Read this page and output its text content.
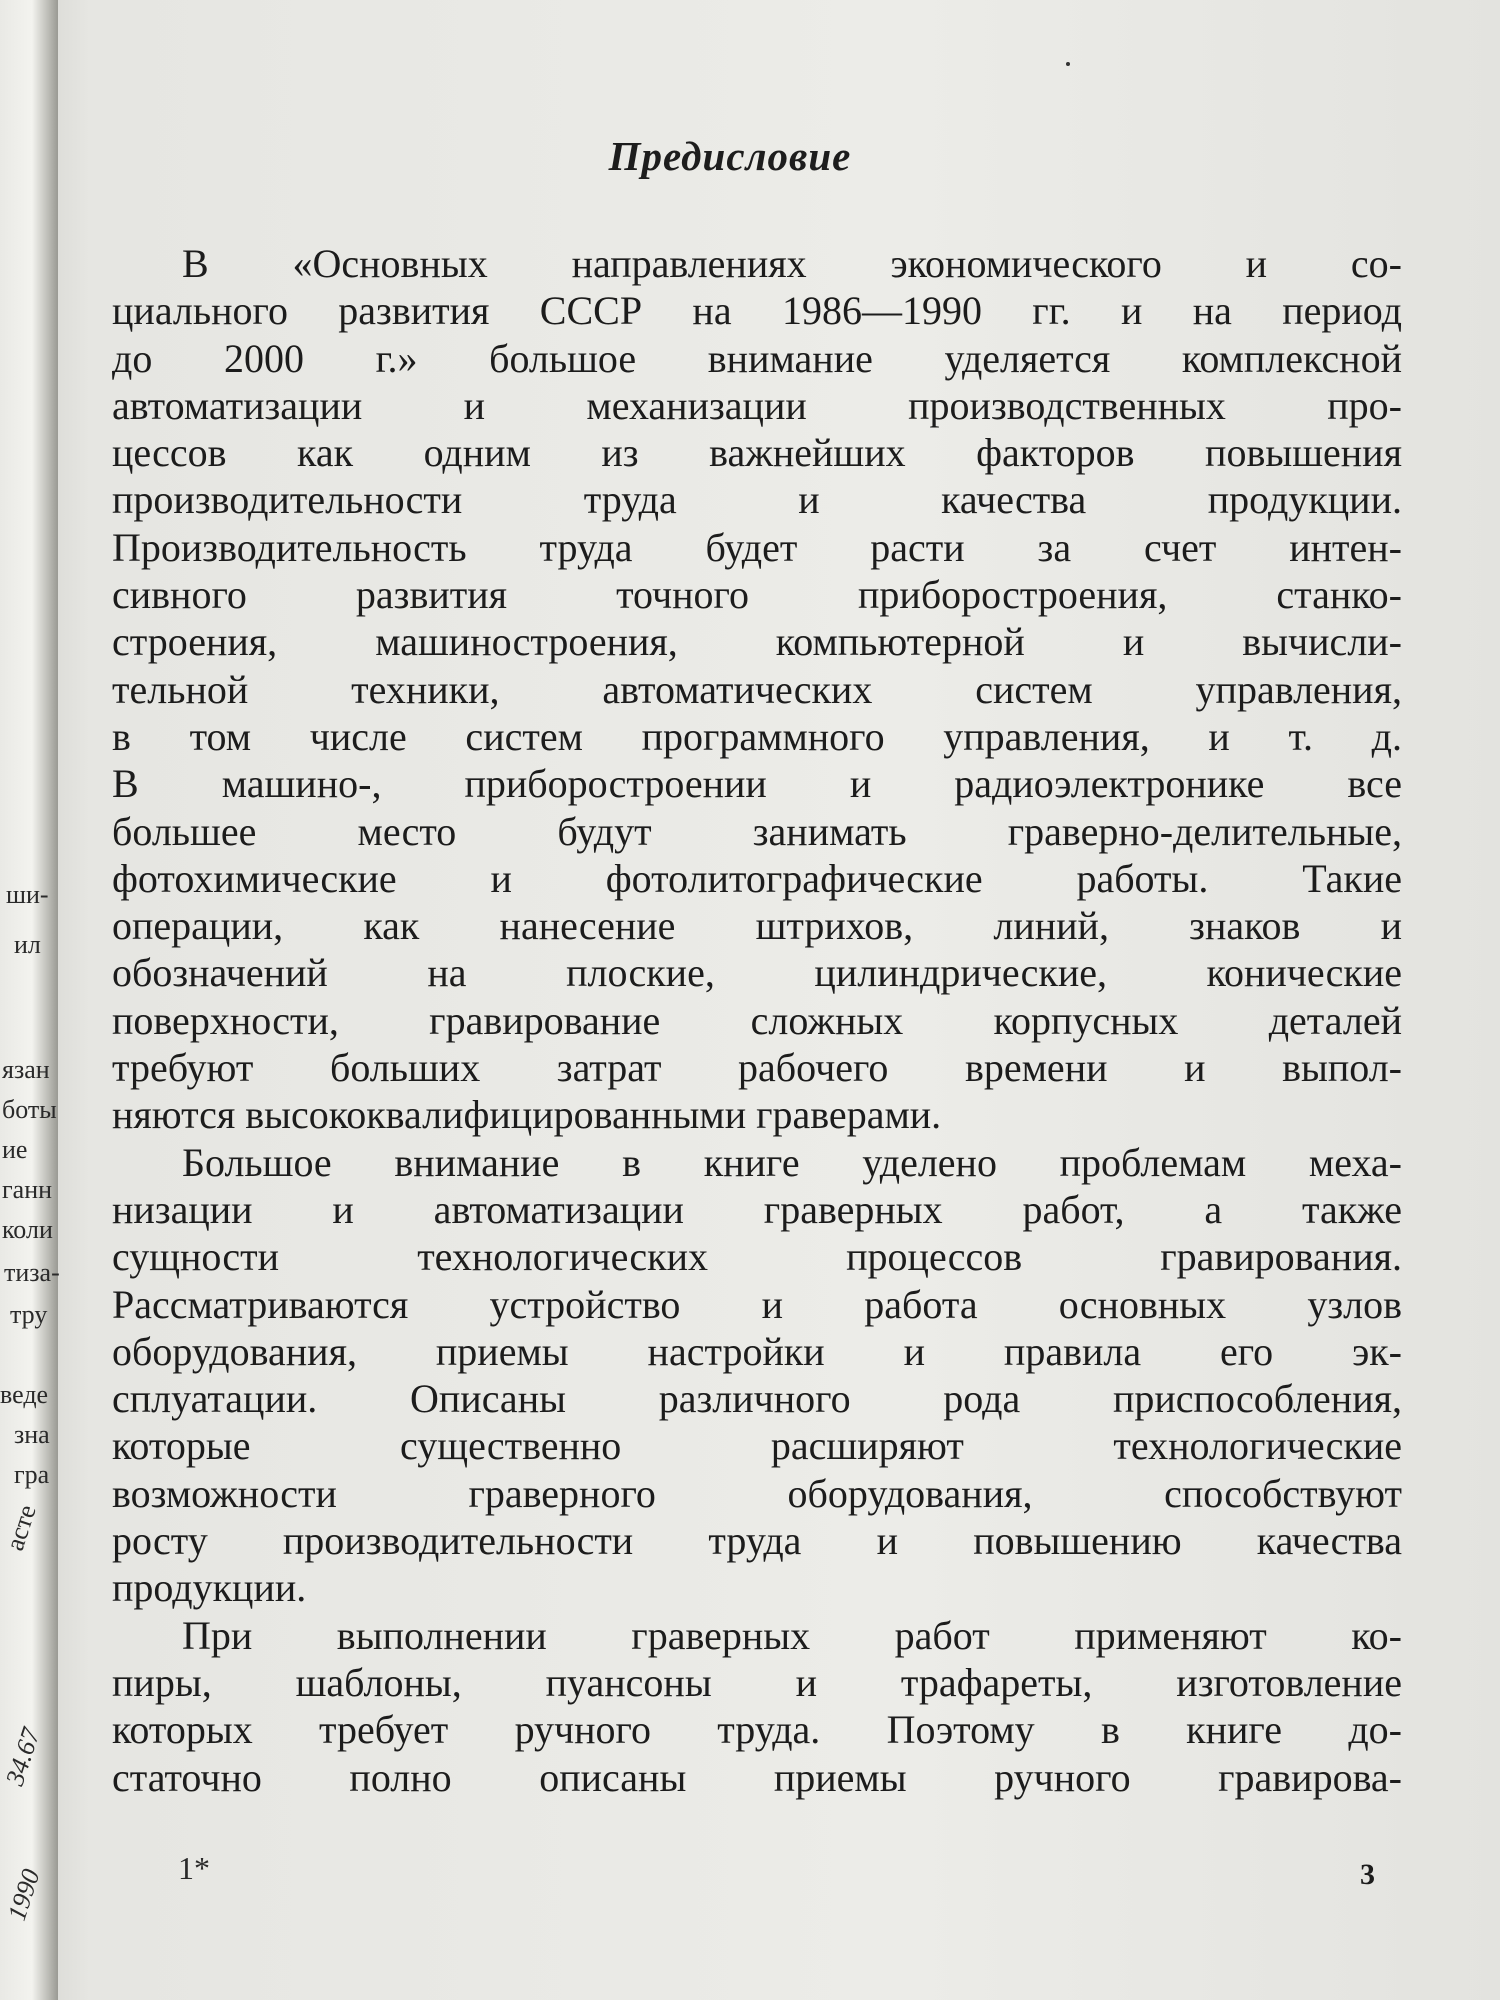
ши-
ил
язан
боты
ие
ганн
коли
тиза-
тру
веде
зна
гра
асте
34.67
1990
Предисловие
В «Основных направлениях экономического и со-
циального развития СССР на 1986—1990 гг. и на период
до 2000 г.» большое внимание уделяется комплексной
автоматизации и механизации производственных про-
цессов как одним из важнейших факторов повышения
производительности труда и качества продукции.
Производительность труда будет расти за счет интен-
сивного развития точного приборостроения, станко-
строения, машиностроения, компьютерной и вычисли-
тельной техники, автоматических систем управления,
в том числе систем программного управления, и т. д.
В машино-, приборостроении и радиоэлектронике все
большее место будут занимать граверно-делительные,
фотохимические и фотолитографические работы. Такие
операции, как нанесение штрихов, линий, знаков и
обозначений на плоские, цилиндрические, конические
поверхности, гравирование сложных корпусных деталей
требуют больших затрат рабочего времени и выпол-
няются высококвалифицированными граверами.
Большое внимание в книге уделено проблемам меха-
низации и автоматизации граверных работ, а также
сущности технологических процессов гравирования.
Рассматриваются устройство и работа основных узлов
оборудования, приемы настройки и правила его эк-
сплуатации. Описаны различного рода приспособления,
которые существенно расширяют технологические
возможности граверного оборудования, способствуют
росту производительности труда и повышению качества
продукции.
При выполнении граверных работ применяют ко-
пиры, шаблоны, пуансоны и трафареты, изготовление
которых требует ручного труда. Поэтому в книге до-
статочно полно описаны приемы ручного гравирова-
1*	3
